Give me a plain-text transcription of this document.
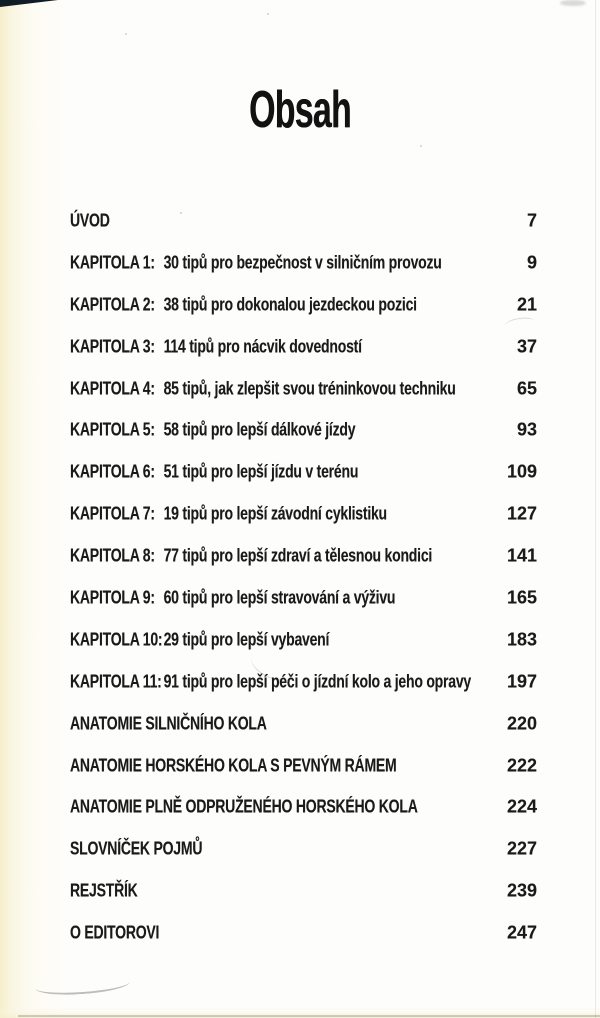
Obsah
ÚVOD	7
KAPITOLA 1: 30 tipů pro bezpečnost v silničním provozu	9
KAPITOLA 2: 38 tipů pro dokonalou jezdeckou pozici	21
KAPITOLA 3: 114 tipů pro nácvik dovedností	37
KAPITOLA 4: 85 tipů, jak zlepšit svou tréninkovou techniku	65
KAPITOLA 5: 58 tipů pro lepší dálkové jízdy	93
KAPITOLA 6: 51 tipů pro lepší jízdu v terénu	109
KAPITOLA 7: 19 tipů pro lepší závodní cyklistiku	127
KAPITOLA 8: 77 tipů pro lepší zdraví a tělesnou kondici	141
KAPITOLA 9: 60 tipů pro lepší stravování a výživu	165
KAPITOLA 10:29 tipů pro lepší vybavení	183
KAPITOLA 11: 91 tipů pro lepší péči o jízdní kolo a jeho opravy 197
ANATOMIE SILNIČNÍHO KOLA	220
ANATOMIE HORSKÉHO KOLA S PEVNÝM RÁMEM	222
ANATOMIE PLNĚ ODPRUŽENÉHO HORSKÉHO KOLA	224
SLOVNÍČEK POJMŮ	227
REJSTŘÍK	239
O EDITOROVI	247
